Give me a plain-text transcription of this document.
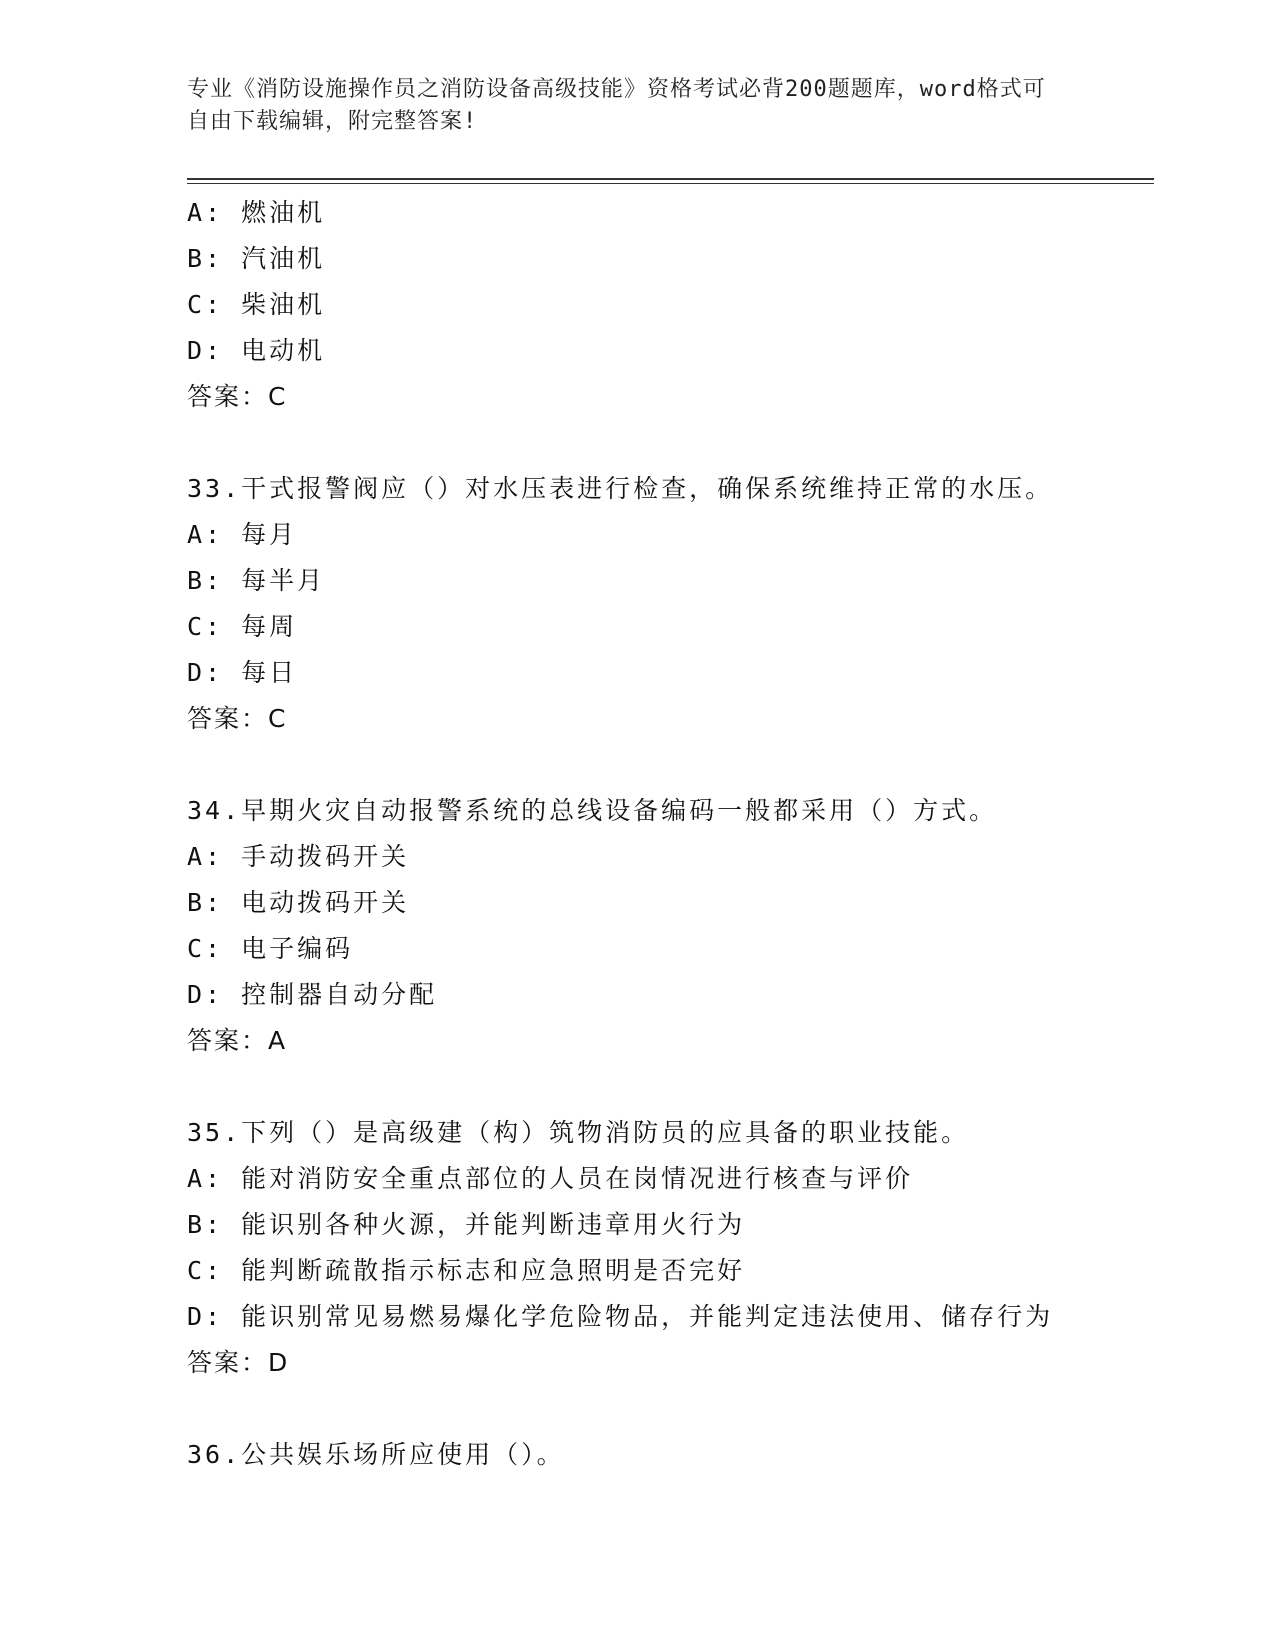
专业《消防设施操作员之消防设备高级技能》资格考试必背200题题库，word格式可自由下载编辑，附完整答案!
A: 燃油机
B: 汽油机
C: 柴油机
D: 电动机
答案：C
33.干式报警阀应（）对水压表进行检查，确保系统维持正常的水压。
A: 每月
B: 每半月
C: 每周
D: 每日
答案：C
34.早期火灾自动报警系统的总线设备编码一般都采用（）方式。
A: 手动拨码开关
B: 电动拨码开关
C: 电子编码
D: 控制器自动分配
答案：A
35.下列（）是高级建（构）筑物消防员的应具备的职业技能。
A: 能对消防安全重点部位的人员在岗情况进行核查与评价
B: 能识别各种火源，并能判断违章用火行为
C: 能判断疏散指示标志和应急照明是否完好
D: 能识别常见易燃易爆化学危险物品，并能判定违法使用、储存行为
答案：D
36.公共娱乐场所应使用（）。
